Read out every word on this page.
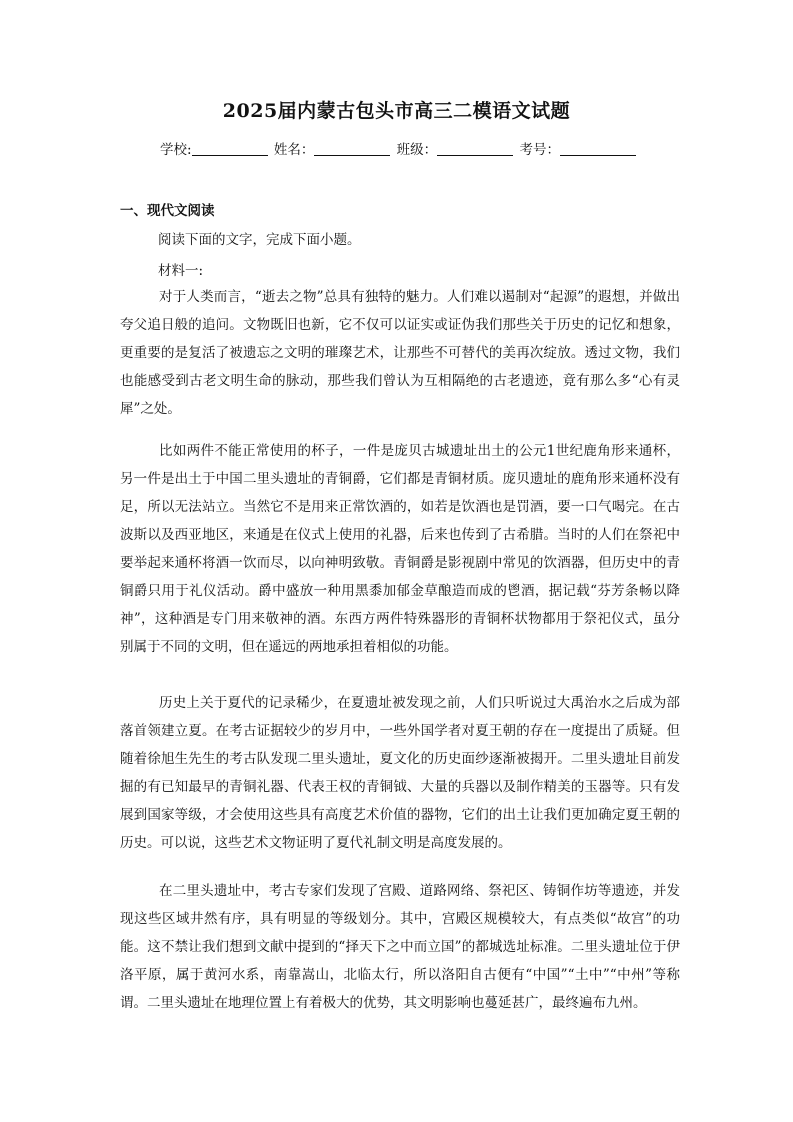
2025届内蒙古包头市高三二模语文试题
学校:	姓名：	班级：	考号：
一、现代文阅读
阅读下面的文字，完成下面小题。
材料一:

对于人类而言，“逝去之物”总具有独特的魅力。人们难以遏制对“起源”的遐想，并做出夸父追日般的追问。文物既旧也新，它不仅可以证实或证伪我们那些关于历史的记忆和想象，更重要的是复活了被遗忘之文明的璀璨艺术，让那些不可替代的美再次绽放。透过文物，我们也能感受到古老文明生命的脉动，那些我们曾认为互相隔绝的古老遗迹，竟有那么多“心有灵犀”之处。

比如两件不能正常使用的杯子，一件是庞贝古城遗址出土的公元1世纪鹿角形来通杯，另一件是出土于中国二里头遗址的青铜爵，它们都是青铜材质。庞贝遗址的鹿角形来通杯没有足，所以无法站立。当然它不是用来正常饮酒的，如若是饮酒也是罚酒，要一口气喝完。在古波斯以及西亚地区，来通是在仪式上使用的礼器，后来也传到了古希腊。当时的人们在祭祀中要举起来通杯将酒一饮而尽，以向神明致敬。青铜爵是影视剧中常见的饮酒器，但历史中的青铜爵只用于礼仪活动。爵中盛放一种用黑黍加郁金草酿造而成的鬯酒，据记载“芬芳条畅以降神”，这种酒是专门用来敬神的酒。东西方两件特殊器形的青铜杯状物都用于祭祀仪式，虽分别属于不同的文明，但在遥远的两地承担着相似的功能。

历史上关于夏代的记录稀少，在夏遗址被发现之前，人们只听说过大禹治水之后成为部落首领建立夏。在考古证据较少的岁月中，一些外国学者对夏王朝的存在一度提出了质疑。但随着徐旭生先生的考古队发现二里头遗址，夏文化的历史面纱逐渐被揭开。二里头遗址目前发掘的有已知最早的青铜礼器、代表王权的青铜钺、大量的兵器以及制作精美的玉器等。只有发展到国家等级，才会使用这些具有高度艺术价值的器物，它们的出土让我们更加确定夏王朝的历史。可以说，这些艺术文物证明了夏代礼制文明是高度发展的。

在二里头遗址中，考古专家们发现了宫殿、道路网络、祭祀区、铸铜作坊等遗迹，并发现这些区域井然有序，具有明显的等级划分。其中，宫殿区规模较大，有点类似“故宫”的功能。这不禁让我们想到文献中提到的“择天下之中而立国”的都城选址标准。二里头遗址位于伊洛平原，属于黄河水系，南靠嵩山，北临太行，所以洛阳自古便有“中国”“土中”“中州”等称谓。二里头遗址在地理位置上有着极大的优势，其文明影响也蔓延甚广，最终遍布九州。
